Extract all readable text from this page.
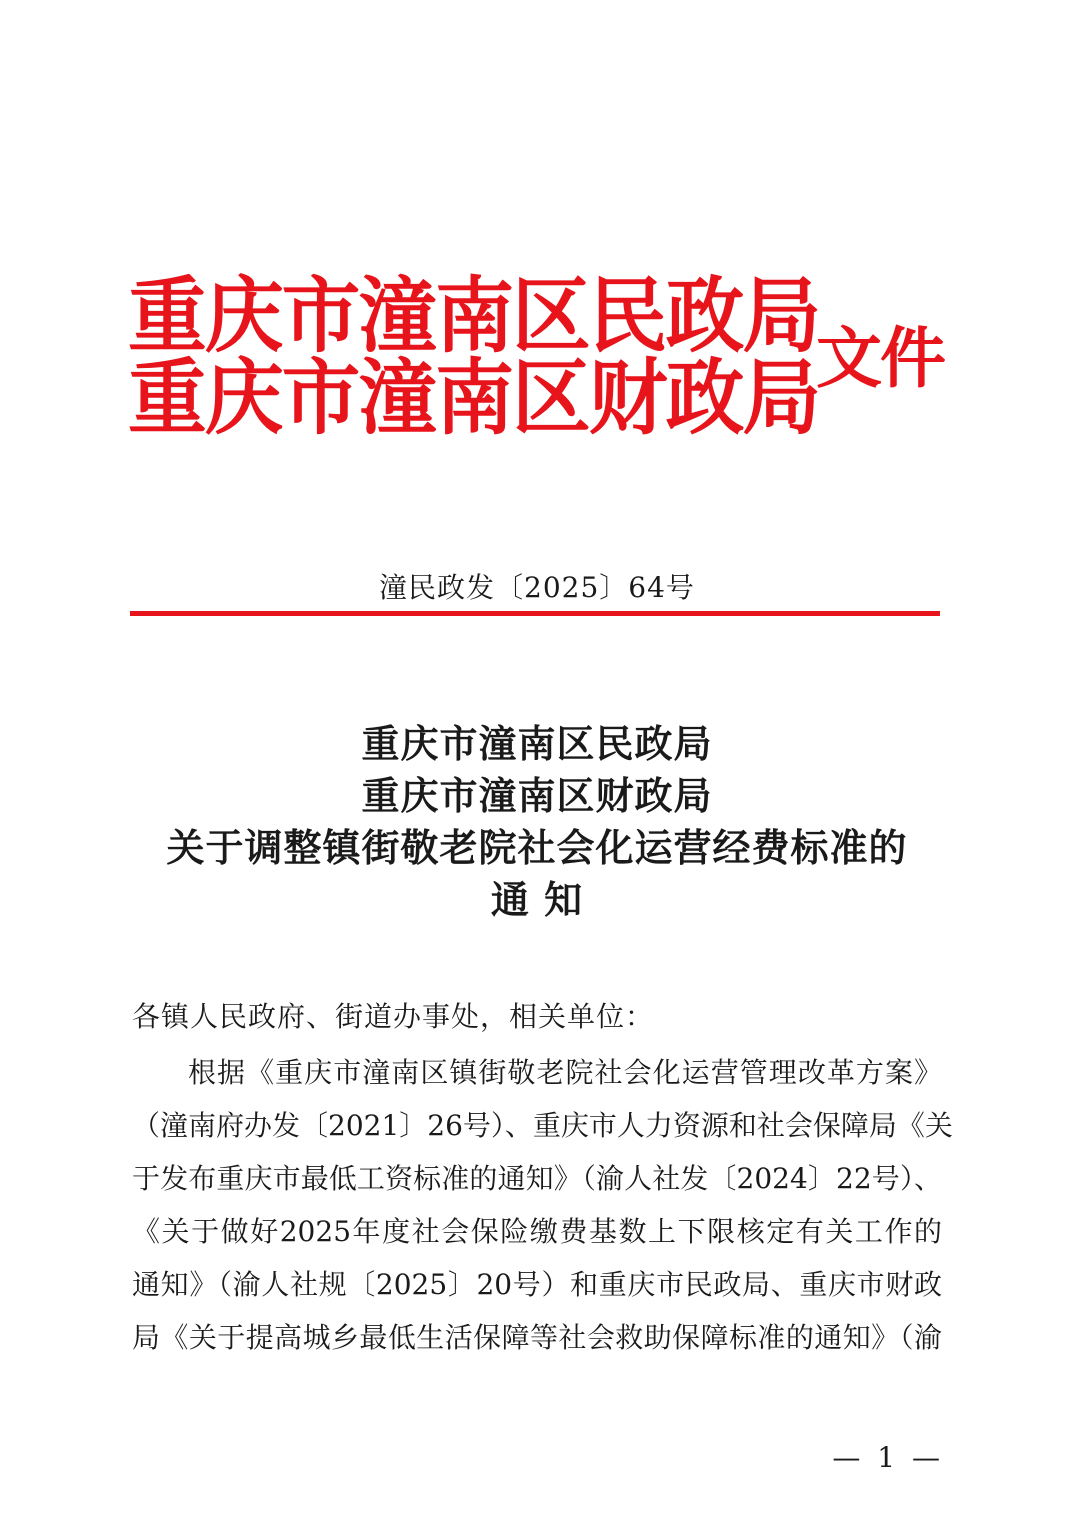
重庆市潼南区民政局
重庆市潼南区财政局
文件
潼民政发〔2025〕64号
重庆市潼南区民政局
重庆市潼南区财政局
关于调整镇街敬老院社会化运营经费标准的
通 知
各镇人民政府、街道办事处，相关单位：
根据《重庆市潼南区镇街敬老院社会化运营管理改革方案》
（潼南府办发〔2021〕26号）、重庆市人力资源和社会保障局《关
于发布重庆市最低工资标准的通知》（渝人社发〔2024〕22号）、
《关于做好2025年度社会保险缴费基数上下限核定有关工作的
通知》（渝人社规〔2025〕20号）和重庆市民政局、重庆市财政
局《关于提高城乡最低生活保障等社会救助保障标准的通知》（渝
— 1 —
